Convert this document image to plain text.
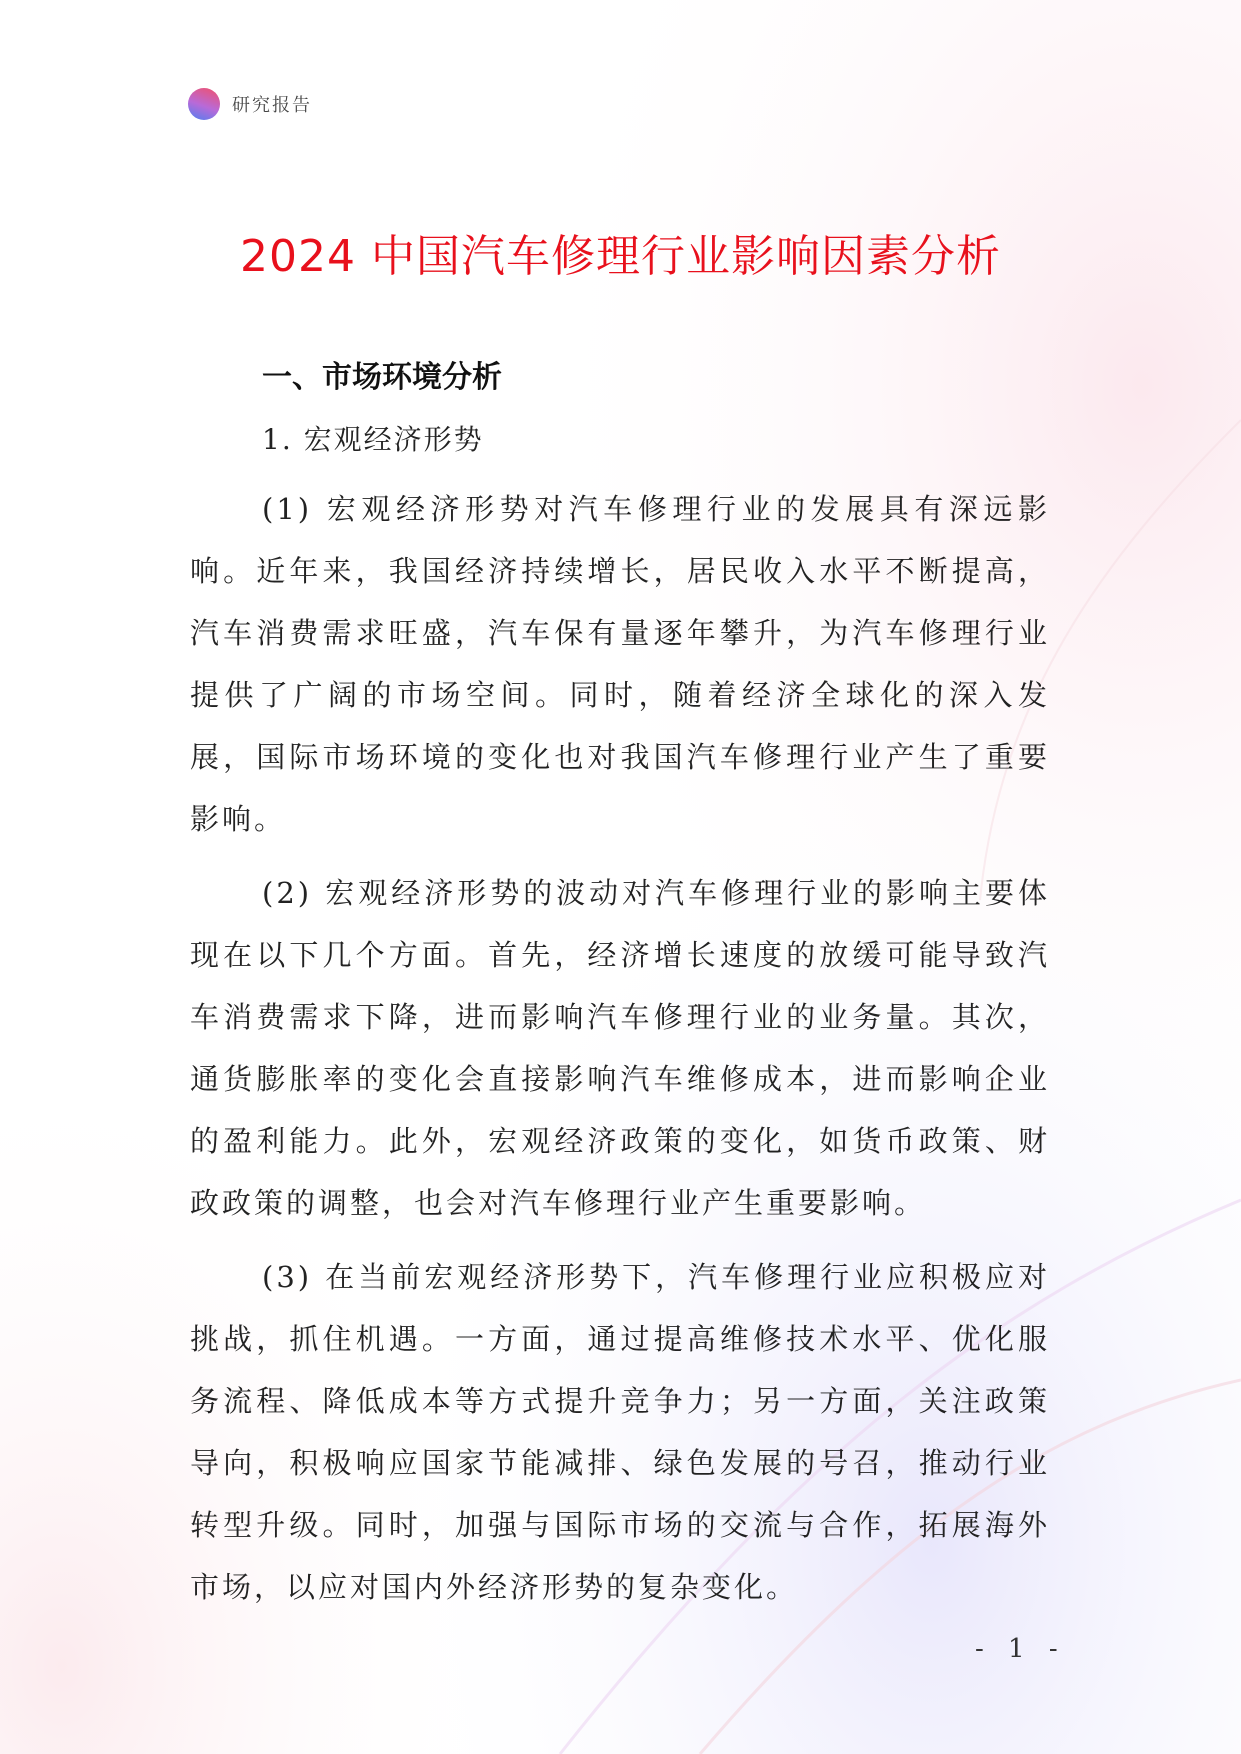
研究报告
2024 中国汽车修理行业影响因素分析
一、市场环境分析
1. 宏观经济形势

(1) 宏观经济形势对汽车修理行业的发展具有深远影响。近年来，我国经济持续增长，居民收入水平不断提高，汽车消费需求旺盛，汽车保有量逐年攀升，为汽车修理行业提供了广阔的市场空间。同时，随着经济全球化的深入发展，国际市场环境的变化也对我国汽车修理行业产生了重要影响。

(2) 宏观经济形势的波动对汽车修理行业的影响主要体现在以下几个方面。首先，经济增长速度的放缓可能导致汽车消费需求下降，进而影响汽车修理行业的业务量。其次，通货膨胀率的变化会直接影响汽车维修成本，进而影响企业的盈利能力。此外，宏观经济政策的变化，如货币政策、财政政策的调整，也会对汽车修理行业产生重要影响。

(3) 在当前宏观经济形势下，汽车修理行业应积极应对挑战，抓住机遇。一方面，通过提高维修技术水平、优化服务流程、降低成本等方式提升竞争力；另一方面，关注政策导向，积极响应国家节能减排、绿色发展的号召，推动行业转型升级。同时，加强与国际市场的交流与合作，拓展海外市场，以应对国内外经济形势的复杂变化。

- 1 -
